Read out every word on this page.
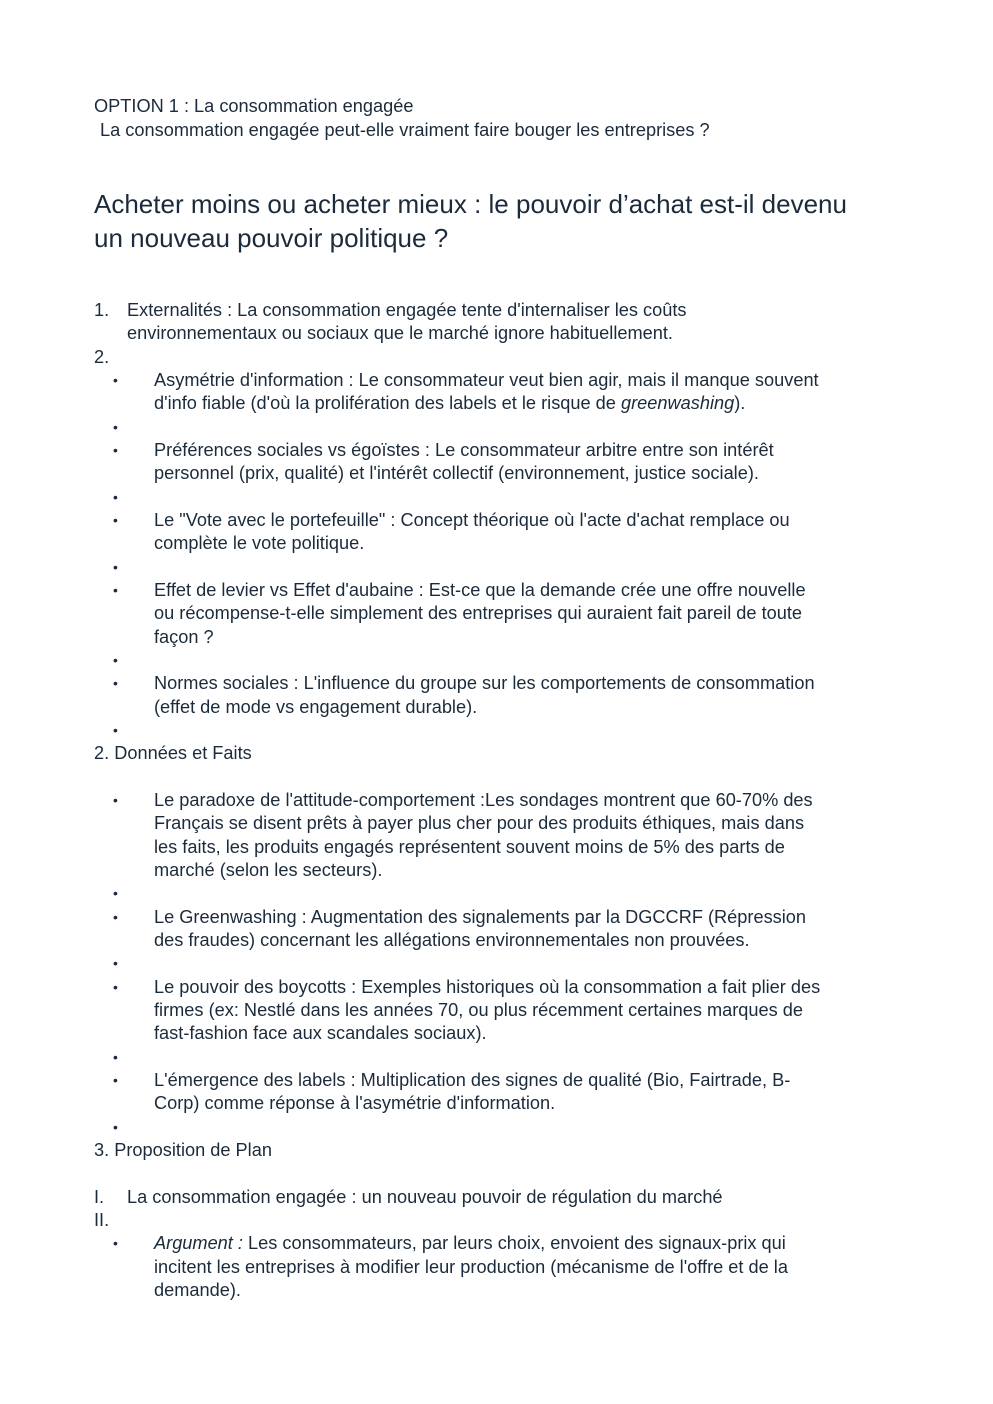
OPTION 1 : La consommation engagée

La consommation engagée peut-elle vraiment faire bouger les entreprises ?

Acheter moins ou acheter mieux : le pouvoir d’achat est-il devenu

un nouveau pouvoir politique ?

1. Externalités : La consommation engagée tente d'internaliser les coûts

environnementaux ou sociaux que le marché ignore habituellement.

2.

• Asymétrie d'information : Le consommateur veut bien agir, mais il manque souvent

d'info fiable (d'où la prolifération des labels et le risque de greenwashing).

•

• Préférences sociales vs égoïstes : Le consommateur arbitre entre son intérêt

personnel (prix, qualité) et l'intérêt collectif (environnement, justice sociale).

•

• Le "Vote avec le portefeuille" : Concept théorique où l'acte d'achat remplace ou

complète le vote politique.

•

• Effet de levier vs Effet d'aubaine : Est-ce que la demande crée une offre nouvelle

ou récompense-t-elle simplement des entreprises qui auraient fait pareil de toute

façon ?

•

• Normes sociales : L'influence du groupe sur les comportements de consommation

(effet de mode vs engagement durable).

•

2. Données et Faits

• Le paradoxe de l'attitude-comportement :Les sondages montrent que 60-70% des

Français se disent prêts à payer plus cher pour des produits éthiques, mais dans

les faits, les produits engagés représentent souvent moins de 5% des parts de

marché (selon les secteurs).

•

• Le Greenwashing : Augmentation des signalements par la DGCCRF (Répression

des fraudes) concernant les allégations environnementales non prouvées.

•

• Le pouvoir des boycotts : Exemples historiques où la consommation a fait plier des

firmes (ex: Nestlé dans les années 70, ou plus récemment certaines marques de

fast-fashion face aux scandales sociaux).

•

• L'émergence des labels : Multiplication des signes de qualité (Bio, Fairtrade, B-

Corp) comme réponse à l'asymétrie d'information.

•

3. Proposition de Plan

I. La consommation engagée : un nouveau pouvoir de régulation du marché

II.

• Argument : Les consommateurs, par leurs choix, envoient des signaux-prix qui

incitent les entreprises à modifier leur production (mécanisme de l'offre et de la

demande).
